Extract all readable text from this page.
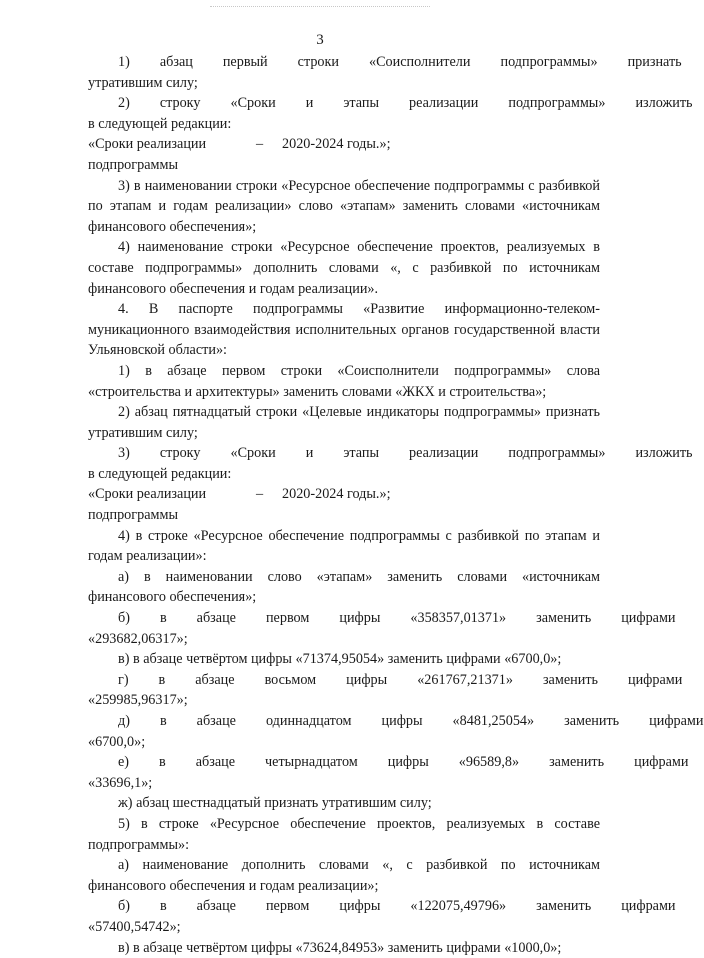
3
1)	абзац	первый	строки	«Соисполнители	подпрограммы»	признать
утратившим силу;
2)	строку	«Сроки	и	этапы	реализации	подпрограммы»	изложить
в следующей редакции:
«Сроки реализации	–	2020-2024 годы.»;
подпрограммы
3) в наименовании строки «Ресурсное обеспечение подпрограммы с разбивкой по этапам и годам реализации» слово «этапам» заменить словами «источникам финансового обеспечения»;
4) наименование строки «Ресурсное обеспечение проектов, реализуемых в составе подпрограммы» дополнить словами «, с разбивкой по источникам финансового обеспечения и годам реализации».
4. В паспорте подпрограммы «Развитие информационно-телеком-муникационного взаимодействия исполнительных органов государственной власти Ульяновской области»:
1) в абзаце первом строки «Соисполнители подпрограммы» слова «строительства и архитектуры» заменить словами «ЖКХ и строительства»;
2) абзац пятнадцатый строки «Целевые индикаторы подпрограммы» признать утратившим силу;
3)	строку	«Сроки	и	этапы	реализации	подпрограммы»	изложить
в следующей редакции:
«Сроки реализации	–	2020-2024 годы.»;
подпрограммы
4) в строке «Ресурсное обеспечение подпрограммы с разбивкой по этапам и годам реализации»:
а) в наименовании слово «этапам» заменить словами «источникам финансового обеспечения»;
б)	в	абзаце	первом	цифры	«358357,01371»	заменить	цифрами
«293682,06317»;
в) в абзаце четвёртом цифры «71374,95054» заменить цифрами «6700,0»;
г)	в	абзаце	восьмом	цифры	«261767,21371»	заменить	цифрами
«259985,96317»;
д)	в	абзаце	одиннадцатом	цифры	«8481,25054»	заменить	цифрами
«6700,0»;
е)	в	абзаце	четырнадцатом	цифры	«96589,8»	заменить	цифрами
«33696,1»;
ж) абзац шестнадцатый признать утратившим силу;
5) в строке «Ресурсное обеспечение проектов, реализуемых в составе подпрограммы»:
а) наименование дополнить словами «, с разбивкой по источникам финансового обеспечения и годам реализации»;
б)	в	абзаце	первом	цифры	«122075,49796»	заменить	цифрами
«57400,54742»;
в) в абзаце четвёртом цифры «73624,84953» заменить цифрами «1000,0»;
